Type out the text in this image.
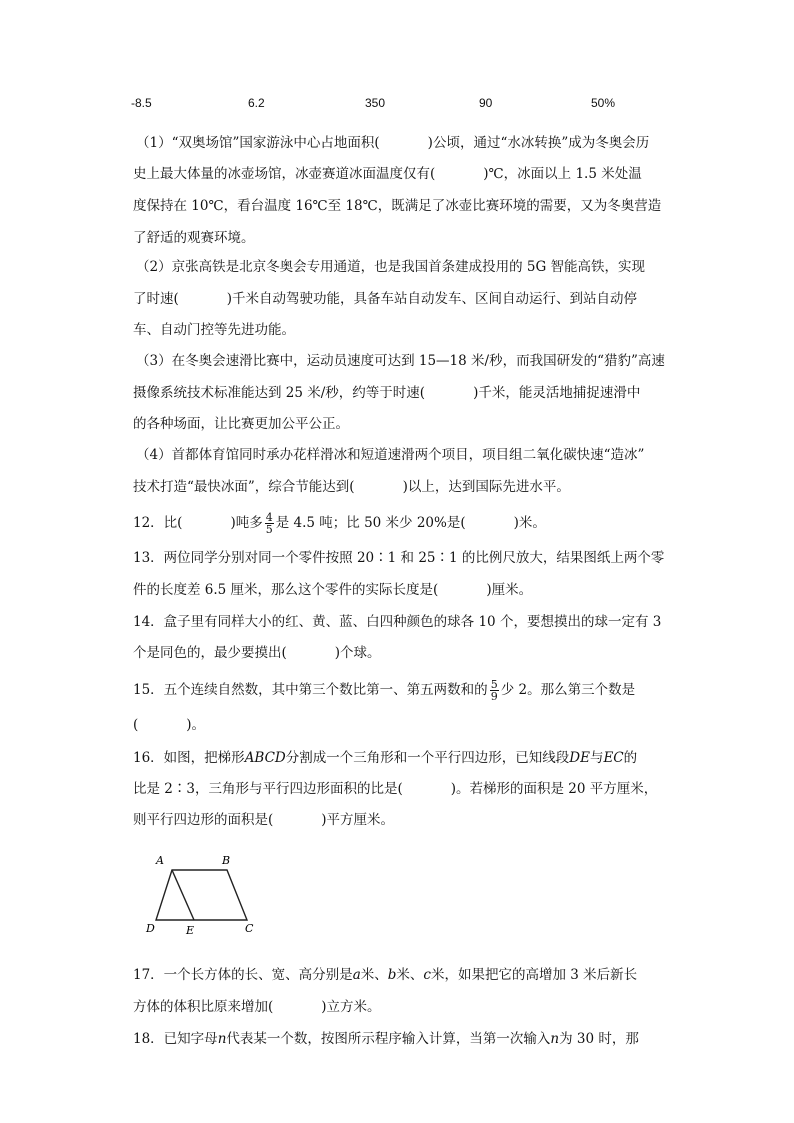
-8.5	6.2	350	90	50%
（1）“双奥场馆”国家游泳中心占地面积(	)公顷，通过“水冰转换”成为冬奥会历
史上最大体量的冰壶场馆，冰壶赛道冰面温度仅有(	)℃，冰面以上 1.5 米处温
度保持在 10℃，看台温度 16℃至 18℃，既满足了冰壶比赛环境的需要，又为冬奥营造
了舒适的观赛环境。
（2）京张高铁是北京冬奥会专用通道，也是我国首条建成投用的 5G 智能高铁，实现
了时速(	)千米自动驾驶功能，具备车站自动发车、区间自动运行、到站自动停
车、自动门控等先进功能。
（3）在冬奥会速滑比赛中，运动员速度可达到 15—18 米/秒，而我国研发的“猎豹”高速
摄像系统技术标准能达到 25 米/秒，约等于时速(	)千米，能灵活地捕捉速滑中
的各种场面，让比赛更加公平公正。
（4）首都体育馆同时承办花样滑冰和短道速滑两个项目，项目组二氧化碳快速“造冰”
技术打造“最快冰面”，综合节能达到(	)以上，达到国际先进水平。
12．比(	)吨多 $\frac{4}{5}$ 是 4.5 吨；比 50 米少 20%是(	)米。
13．两位同学分别对同一个零件按照 20∶1 和 25∶1 的比例尺放大，结果图纸上两个零
件的长度差 6.5 厘米，那么这个零件的实际长度是(	)厘米。
14．盒子里有同样大小的红、黄、蓝、白四种颜色的球各 10 个，要想摸出的球一定有 3
个是同色的，最少要摸出(	)个球。
15．五个连续自然数，其中第三个数比第一、第五两数和的 $\frac{5}{9}$ 少 2。那么第三个数是
(	)。
16．如图，把梯形ABCD分割成一个三角形和一个平行四边形，已知线段DE与EC的
比是 2∶3，三角形与平行四边形面积的比是(	)。若梯形的面积是 20 平方厘米，
则平行四边形的面积是(	)平方厘米。
A	B
C
D	E
17．一个长方体的长、宽、高分别是a米、b米、c米，如果把它的高增加 3 米后新长
方体的体积比原来增加(	)立方米。
18．已知字母n代表某一个数，按图所示程序输入计算，当第一次输入n为 30 时，那
